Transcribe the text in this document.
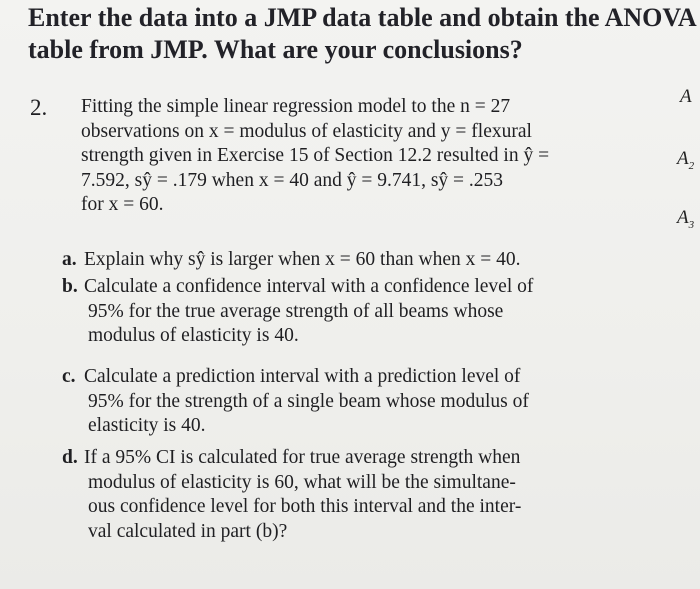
Enter the data into a JMP data table and obtain the ANOVA
table from JMP. What are your conclusions?
2. Fitting the simple linear regression model to the n = 27
observations on x = modulus of elasticity and y = flexural
strength given in Exercise 15 of Section 12.2 resulted in ŷ =
7.592, sŷ = .179 when x = 40 and ŷ = 9.741, sŷ = .253
for x = 60.
a. Explain why sŷ is larger when x = 60 than when x = 40.
b. Calculate a confidence interval with a confidence level of
95% for the true average strength of all beams whose
modulus of elasticity is 40.
c. Calculate a prediction interval with a prediction level of
95% for the strength of a single beam whose modulus of
elasticity is 40.
d. If a 95% CI is calculated for true average strength when
modulus of elasticity is 60, what will be the simultane-
ous confidence level for both this interval and the inter-
val calculated in part (b)?
A
$A_2$
$A_3$
